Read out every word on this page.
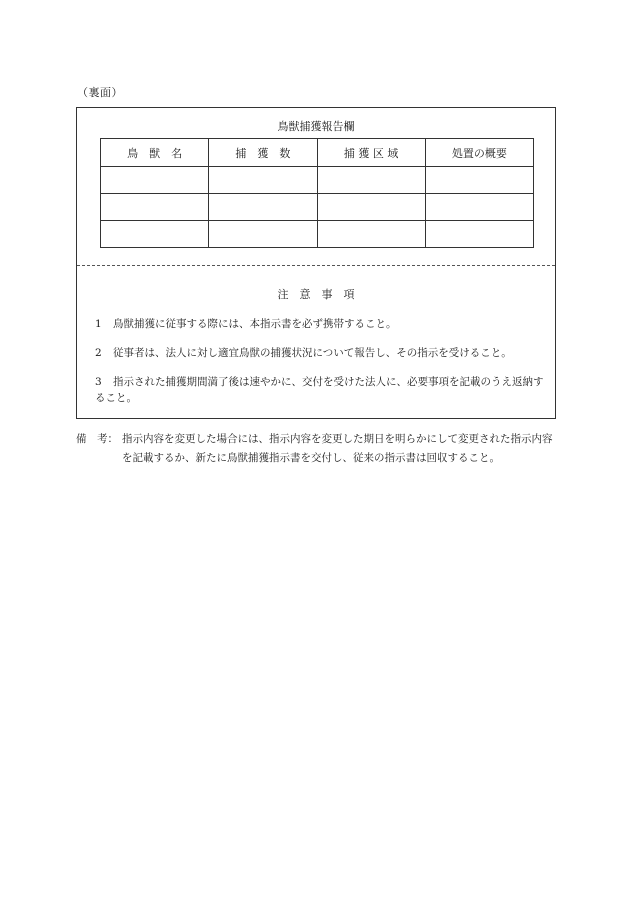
（裏面）
鳥獣捕獲報告欄
鳥　獣　名	捕　獲　数	捕 獲 区 域	処置の概要

注　意　事　項
1 鳥獣捕獲に従事する際には、本指示書を必ず携帯すること。
2 従事者は、法人に対し適宜鳥獣の捕獲状況について報告し、その指示を受けること。
3 指示された捕獲期間満了後は速やかに、交付を受けた法人に、必要事項を記載のうえ返納すること。
備　考： 指示内容を変更した場合には、指示内容を変更した期日を明らかにして変更された指示内容を記載するか、新たに鳥獣捕獲指示書を交付し、従来の指示書は回収すること。
